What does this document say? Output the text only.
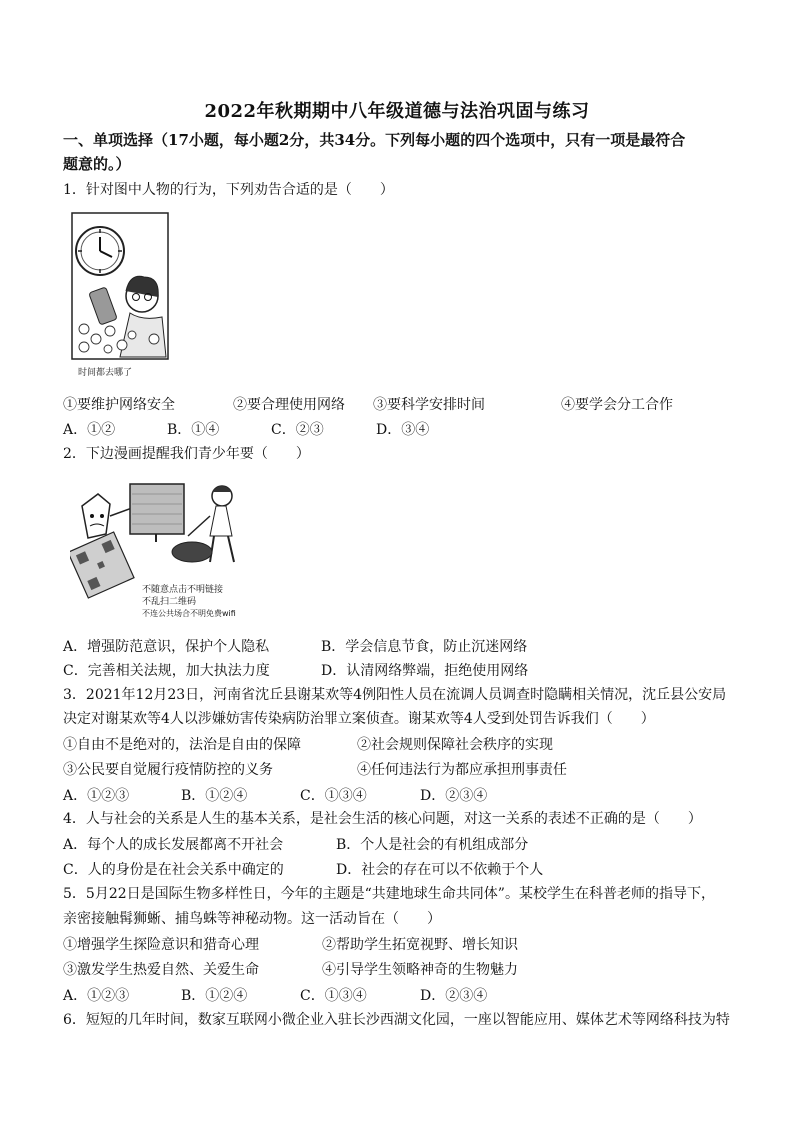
2022年秋期期中八年级道德与法治巩固与练习
一、单项选择（17小题，每小题2分，共34分。下列每小题的四个选项中，只有一项是最符合
题意的。）
1．针对图中人物的行为，下列劝告合适的是（　　）
时间都去哪了
①要维护网络安全	②要合理使用网络 ③要科学安排时间	④要学会分工合作
A．①②	B．①④	C．②③	D．③④
2．下边漫画提醒我们青少年要（　　）
不随意点击不明链接
不乱扫二维码
不连公共场合不明免费wifi
A．增强防范意识，保护个人隐私	B．学会信息节食，防止沉迷网络
C．完善相关法规，加大执法力度	D．认清网络弊端，拒绝使用网络
3．2021年12月23日，河南省沈丘县谢某欢等4例阳性人员在流调人员调查时隐瞒相关情况，沈丘县公安局
决定对谢某欢等4人以涉嫌妨害传染病防治罪立案侦查。谢某欢等4人受到处罚告诉我们（　　）
①自由不是绝对的，法治是自由的保障	②社会规则保障社会秩序的实现
③公民要自觉履行疫情防控的义务	④任何违法行为都应承担刑事责任
A．①②③	B．①②④	C．①③④	D．②③④
4．人与社会的关系是人生的基本关系，是社会生活的核心问题，对这一关系的表述不正确的是（　　）
A．每个人的成长发展都离不开社会	B．个人是社会的有机组成部分
C．人的身份是在社会关系中确定的	D．社会的存在可以不依赖于个人
5．5月22日是国际生物多样性日，今年的主题是“共建地球生命共同体”。某校学生在科普老师的指导下，
亲密接触髯狮蜥、捕鸟蛛等神秘动物。这一活动旨在（　　）
①增强学生探险意识和猎奇心理	②帮助学生拓宽视野、增长知识
③激发学生热爱自然、关爱生命	④引导学生领略神奇的生物魅力
A．①②③	B．①②④	C．①③④	D．②③④
6．短短的几年时间，数家互联网小微企业入驻长沙西湖文化园，一座以智能应用、媒体艺术等网络科技为特
